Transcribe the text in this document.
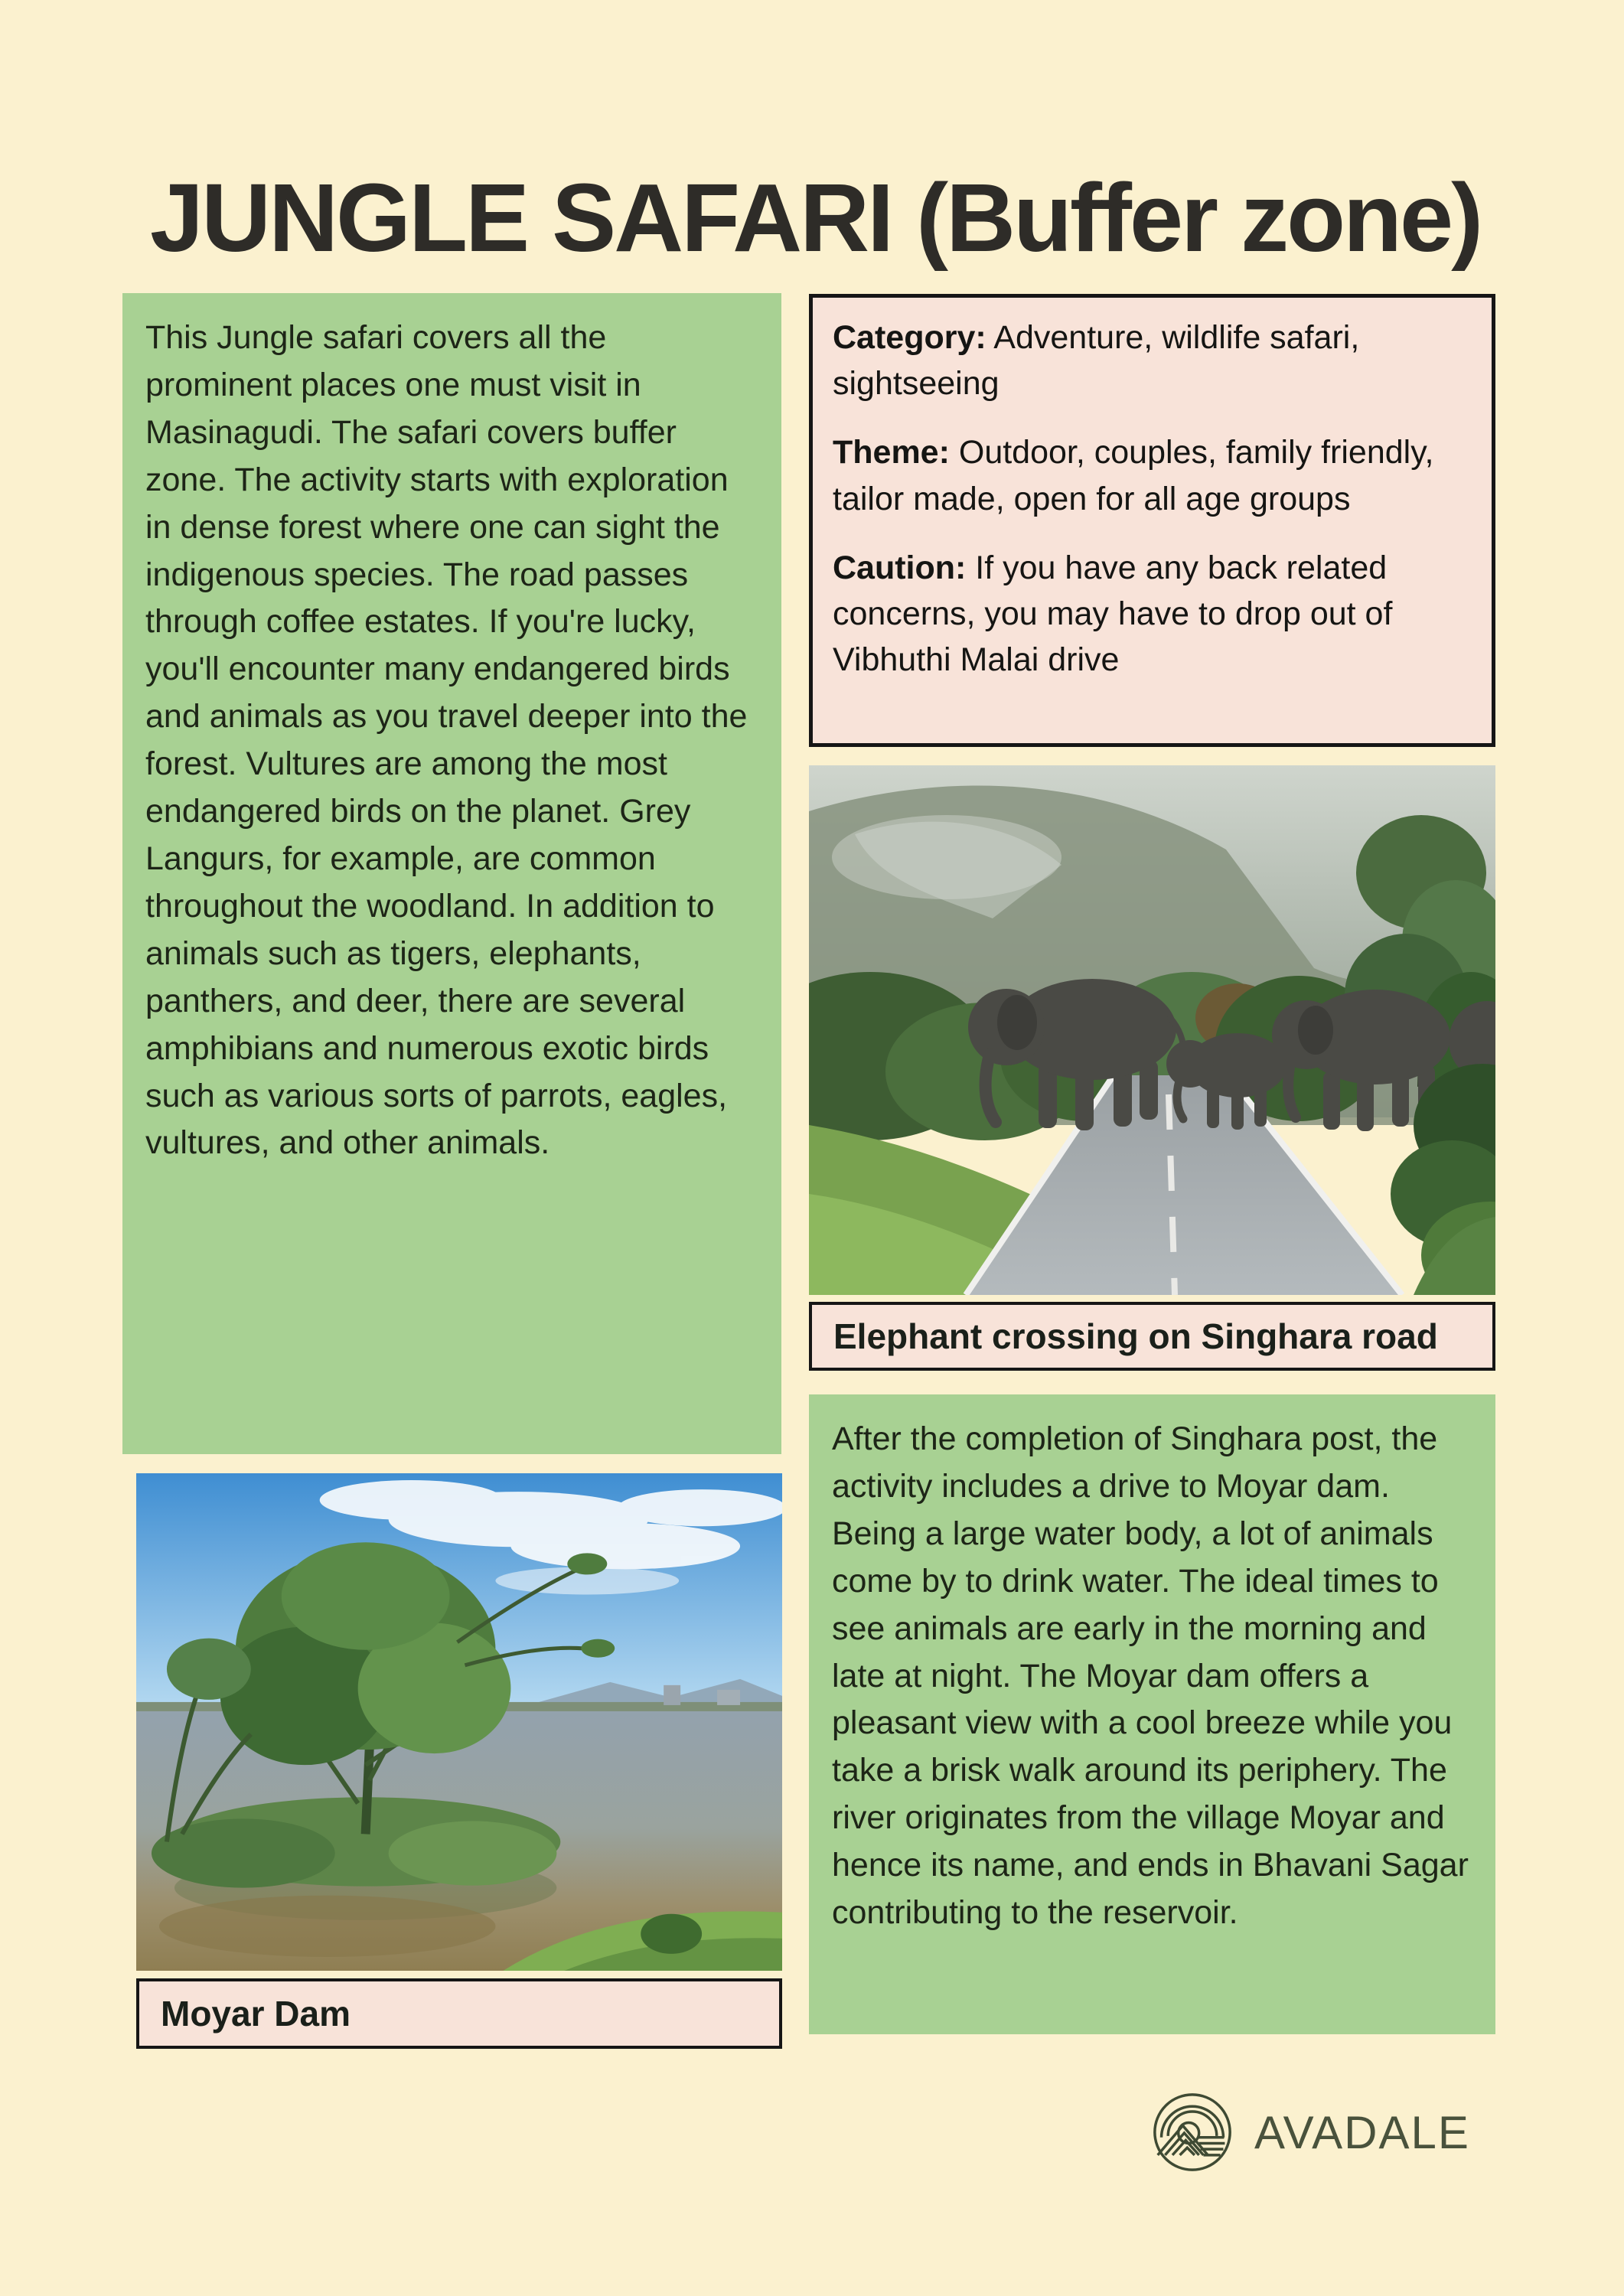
JUNGLE SAFARI (Buffer zone)
This Jungle safari covers all the prominent places one must visit in Masinagudi. The safari covers buffer zone. The activity starts with exploration in dense forest where one can sight the indigenous species. The road passes through coffee estates. If you're lucky, you'll encounter many endangered birds and animals as you travel deeper into the forest. Vultures are among the most endangered birds on the planet. Grey Langurs, for example, are common throughout the woodland. In addition to animals such as tigers, elephants, panthers, and deer, there are several amphibians and numerous exotic birds such as various sorts of parrots, eagles, vultures, and other animals.

Category: Adventure, wildlife safari, sightseeing

Theme: Outdoor, couples, family friendly, tailor made, open for all age groups

Caution: If you have any back related concerns, you may have to drop out of Vibhuthi Malai drive

Elephant crossing on Singhara road
After the completion of Singhara post, the activity includes a drive to Moyar dam. Being a large water body, a lot of animals come by to drink water. The ideal times to see animals are early in the morning and late at night. The Moyar dam offers a pleasant view with a cool breeze while you take a brisk walk around its periphery. The river originates from the village Moyar and hence its name, and ends in Bhavani Sagar contributing to the reservoir.
Moyar Dam
AVADALE
